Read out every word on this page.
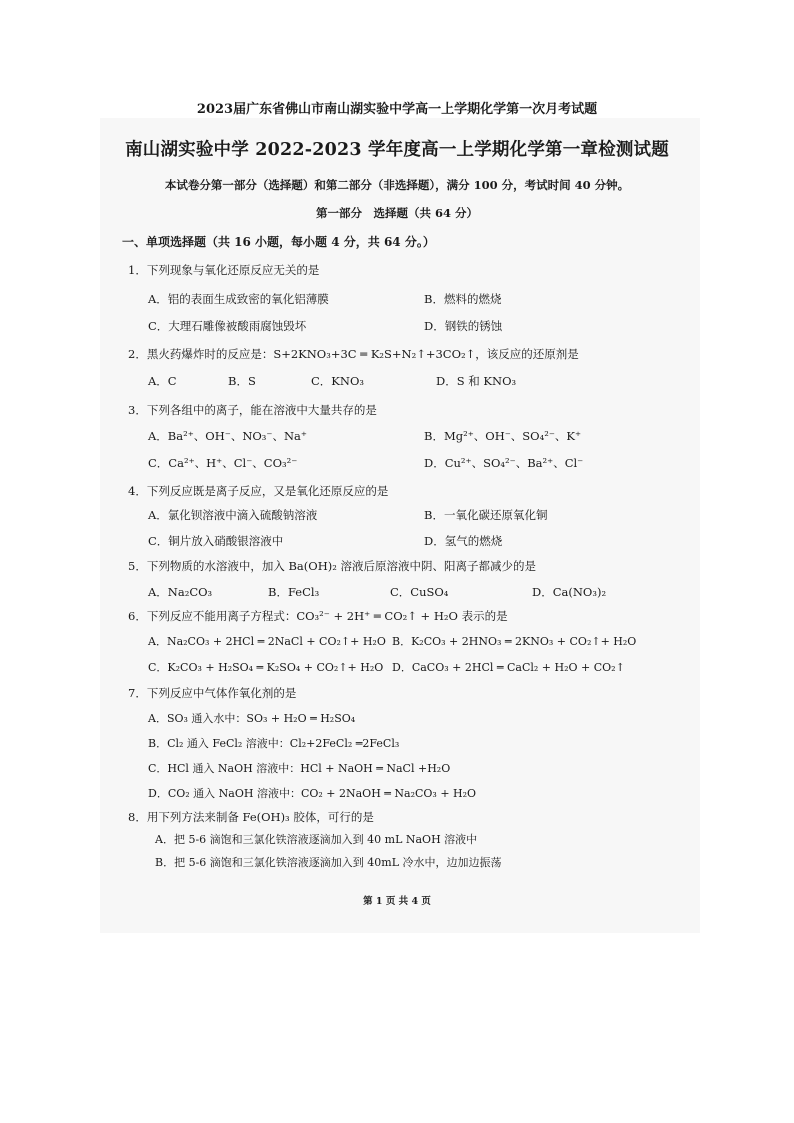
2023届广东省佛山市南山湖实验中学高一上学期化学第一次月考试题
南山湖实验中学 2022-2023 学年度高一上学期化学第一章检测试题
本试卷分第一部分（选择题）和第二部分（非选择题），满分 100 分，考试时间 40 分钟。
第一部分　选择题（共 64 分）
一、单项选择题（共 16 小题，每小题 4 分，共 64 分。）
1．下列现象与氧化还原反应无关的是
A．铝的表面生成致密的氧化铝薄膜	B．燃料的燃烧
C．大理石雕像被酸雨腐蚀毁坏	D．钢铁的锈蚀
2．黑火药爆炸时的反应是：S+2KNO₃+3C ═ K₂S+N₂↑+3CO₂↑，该反应的还原剂是
A．C	B．S	C．KNO₃	D．S 和 KNO₃
3．下列各组中的离子，能在溶液中大量共存的是
A．Ba²⁺、OH⁻、NO₃⁻、Na⁺	B．Mg²⁺、OH⁻、SO₄²⁻、K⁺
C．Ca²⁺、H⁺、Cl⁻、CO₃²⁻	D．Cu²⁺、SO₄²⁻、Ba²⁺、Cl⁻
4．下列反应既是离子反应，又是氧化还原反应的是
A．氯化钡溶液中滴入硫酸钠溶液	B．一氧化碳还原氧化铜
C．铜片放入硝酸银溶液中	D．氢气的燃烧
5．下列物质的水溶液中，加入 Ba(OH)₂ 溶液后原溶液中阴、阳离子都减少的是
A．Na₂CO₃	B．FeCl₃	C．CuSO₄	D．Ca(NO₃)₂
6．下列反应不能用离子方程式：CO₃²⁻ + 2H⁺ ═ CO₂↑ + H₂O 表示的是
A．Na₂CO₃ + 2HCl ═ 2NaCl + CO₂↑+ H₂O B．K₂CO₃ + 2HNO₃ ═ 2KNO₃ + CO₂↑+ H₂O
C．K₂CO₃ + H₂SO₄ ═ K₂SO₄ + CO₂↑+ H₂O D．CaCO₃ + 2HCl ═ CaCl₂ + H₂O + CO₂↑
7．下列反应中气体作氧化剂的是
A．SO₃ 通入水中：SO₃ + H₂O ═ H₂SO₄
B．Cl₂ 通入 FeCl₂ 溶液中：Cl₂+2FeCl₂ ═2FeCl₃
C．HCl 通入 NaOH 溶液中：HCl + NaOH ═ NaCl +H₂O
D．CO₂ 通入 NaOH 溶液中：CO₂ + 2NaOH ═ Na₂CO₃ + H₂O
8．用下列方法来制备 Fe(OH)₃ 胶体，可行的是
A．把 5-6 滴饱和三氯化铁溶液逐滴加入到 40 mL NaOH 溶液中
B．把 5-6 滴饱和三氯化铁溶液逐滴加入到 40mL 冷水中，边加边振荡
第 1 页 共 4 页
